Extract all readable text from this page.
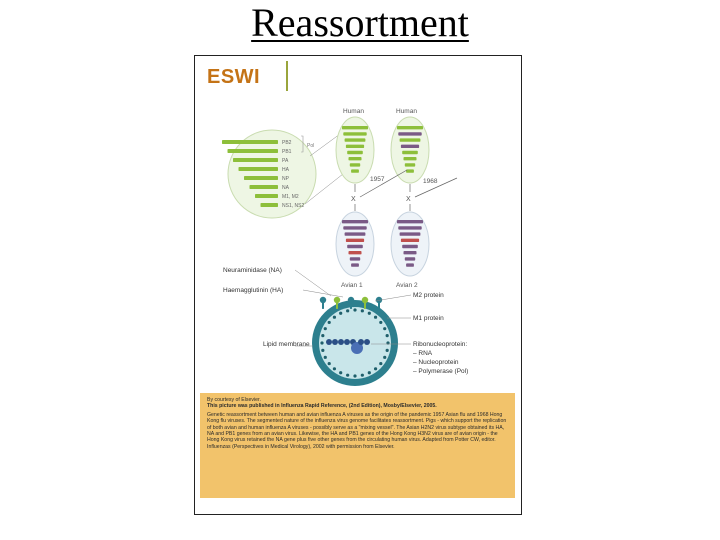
Reassortment
ESWI
PB2
PB1
PA
HA
NP
NA
M1, M2
NS1, NS2
Pol
Human	Human
X
1957
X
1968
Avian 1	Avian 2
Neuraminidase (NA)
Haemagglutinin (HA)
M2 protein
M1 protein
Lipid membrane	Ribonucleoprotein:
– RNA
– Nucleoprotein
– Polymerase (Pol)

By courtesy of Elsevier.

This picture was published in Influenza Rapid Reference, (2nd Edition), Mosby/Elsevier, 2005.

Genetic reassortment between human and avian influenza A viruses as the origin of the pandemic 1957 Asian flu and 1968 Hong Kong flu viruses. The segmented nature of the influenza virus genome facilitates reassortment. Pigs - which support the replication of both avian and human influenza A viruses - possibly serve as a "mixing vessel". The Asian H2N2 virus subtype obtained its HA, NA and PB1 genes from an avian virus. Likewise, the HA and PB1 genes of the Hong Kong H3N2 virus are of avian origin - the Hong Kong virus retained the NA gene plus five other genes from the circulating human virus. Adapted from Potter CW, editor. Influenzas (Perspectives in Medical Virology), 2002 with permission from Elsevier.
